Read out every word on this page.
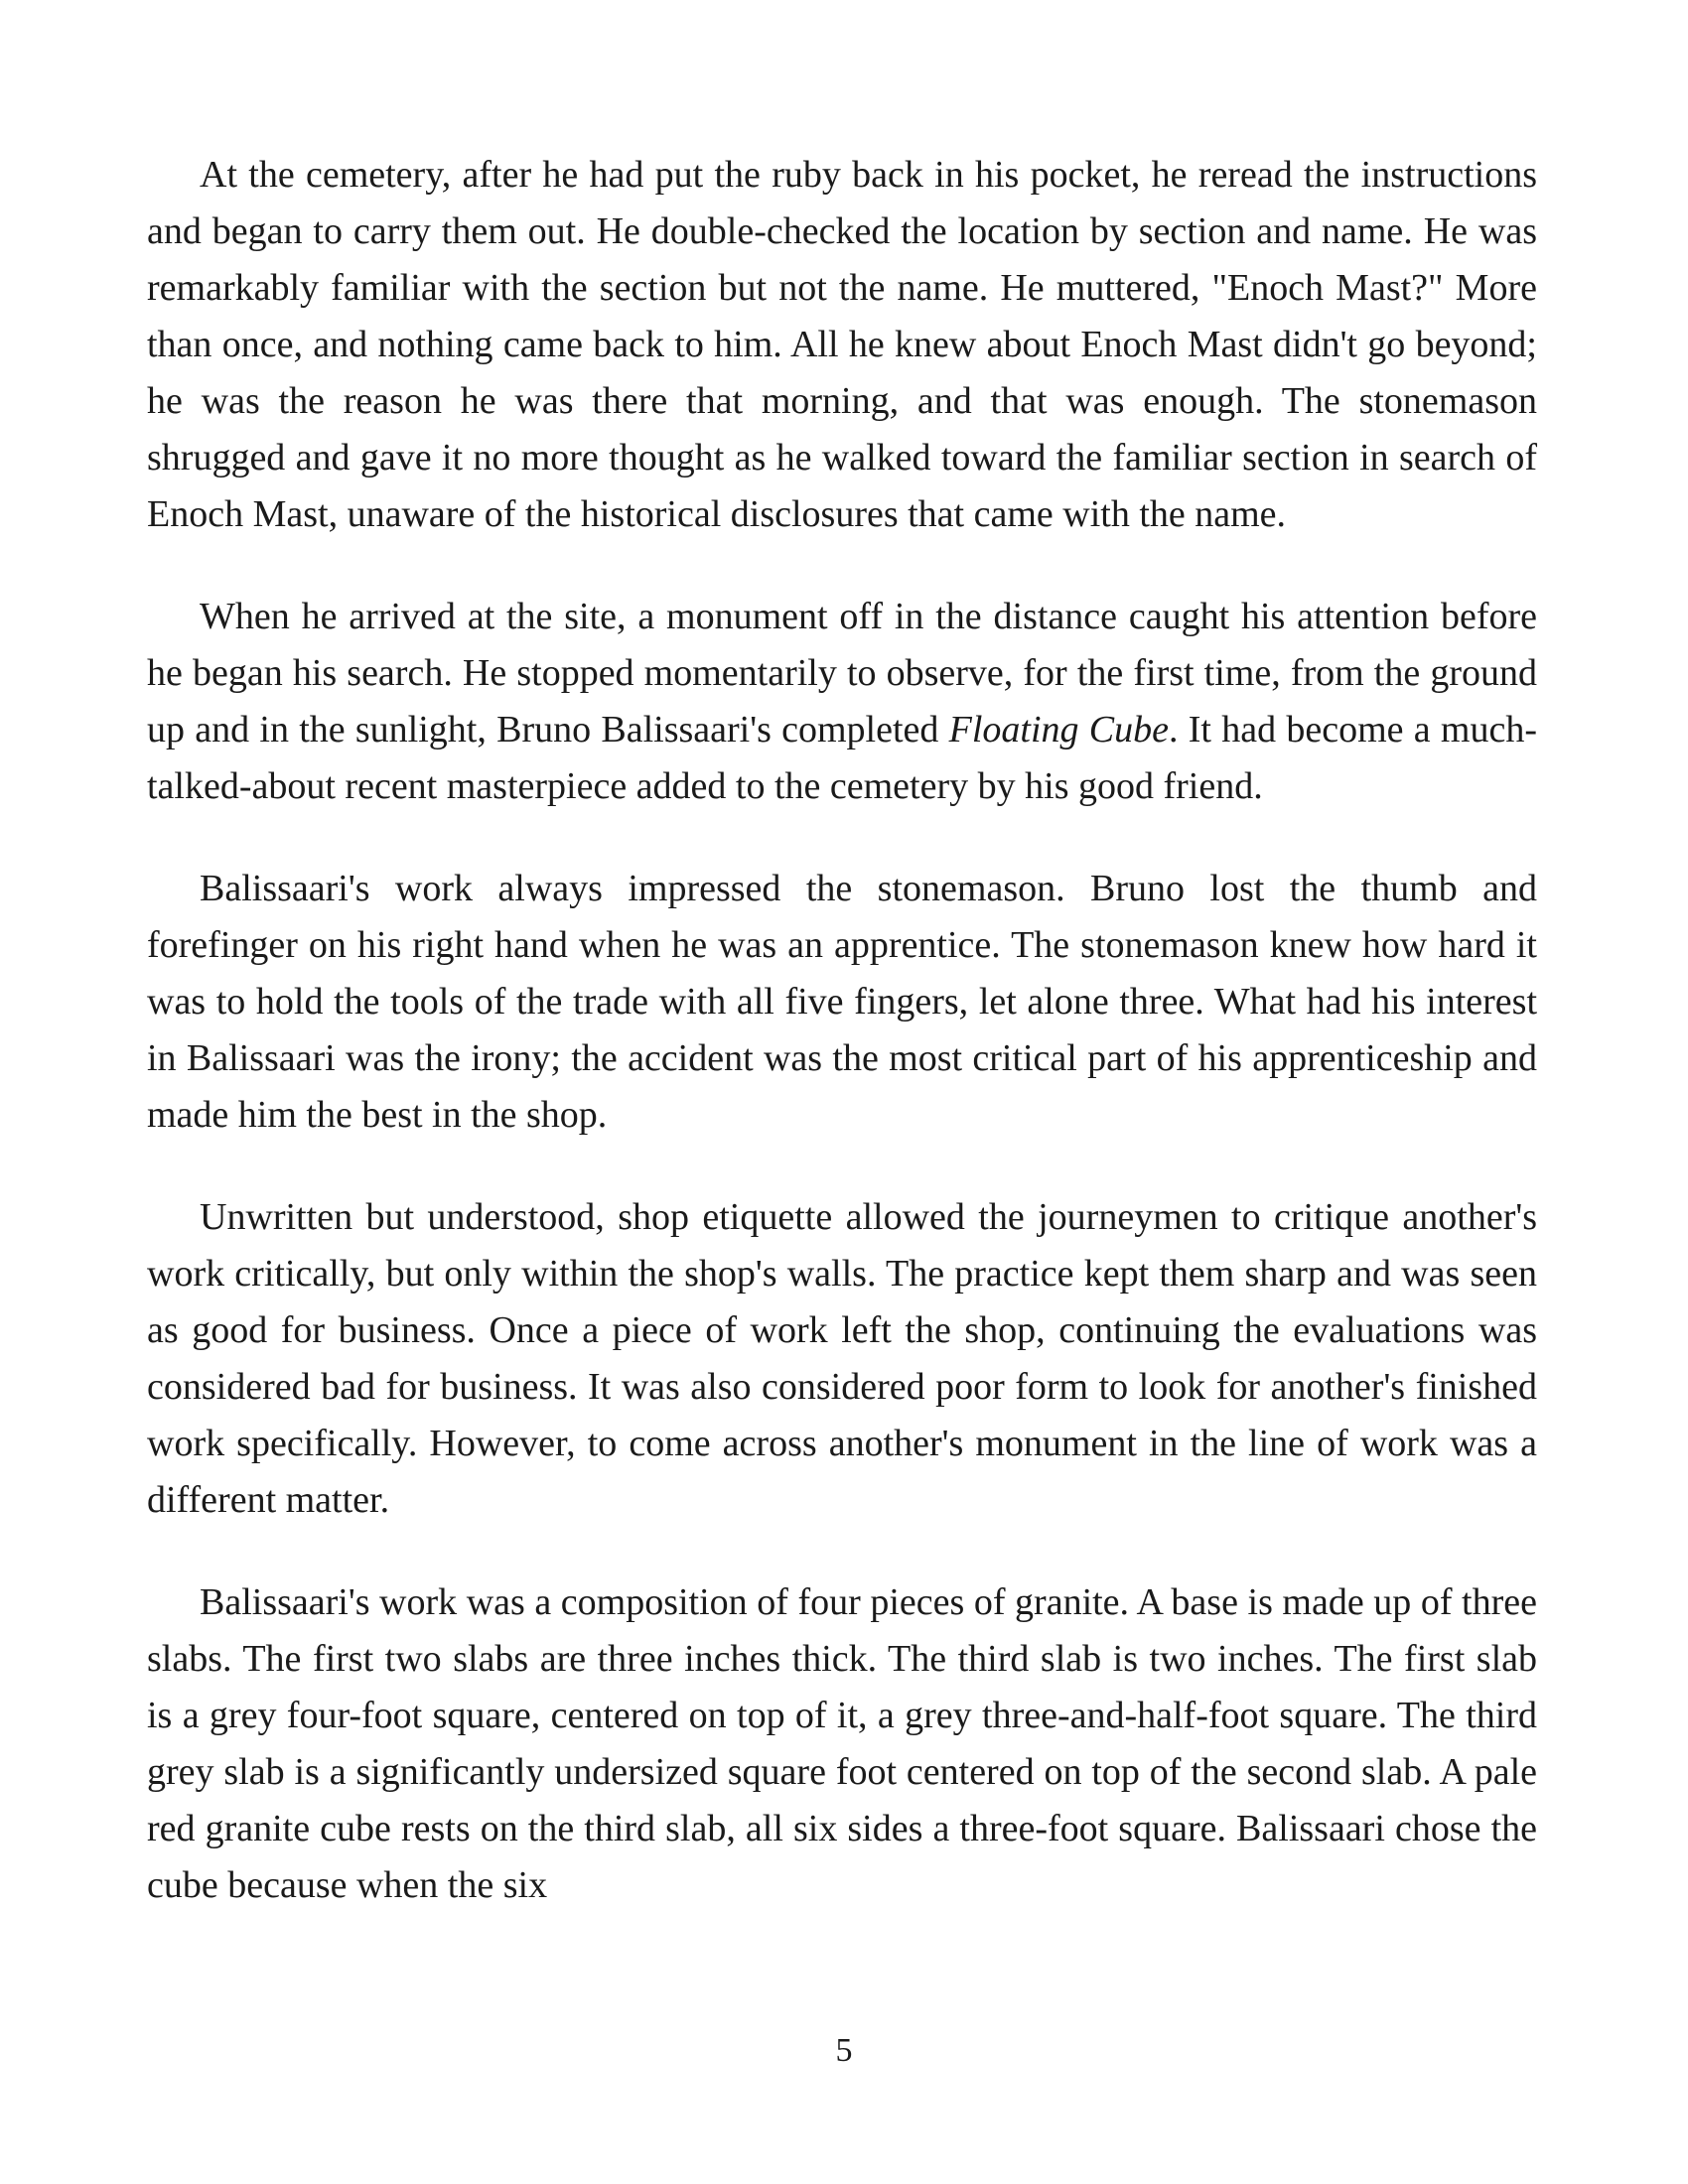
At the cemetery, after he had put the ruby back in his pocket, he reread the instructions and began to carry them out. He double-checked the location by section and name. He was remarkably familiar with the section but not the name. He muttered, "Enoch Mast?" More than once, and nothing came back to him. All he knew about Enoch Mast didn't go beyond; he was the reason he was there that morning, and that was enough. The stonemason shrugged and gave it no more thought as he walked toward the familiar section in search of Enoch Mast, unaware of the historical disclosures that came with the name.

When he arrived at the site, a monument off in the distance caught his attention before he began his search. He stopped momentarily to observe, for the first time, from the ground up and in the sunlight, Bruno Balissaari's completed Floating Cube. It had become a much-talked-about recent masterpiece added to the cemetery by his good friend.

Balissaari's work always impressed the stonemason. Bruno lost the thumb and forefinger on his right hand when he was an apprentice. The stonemason knew how hard it was to hold the tools of the trade with all five fingers, let alone three. What had his interest in Balissaari was the irony; the accident was the most critical part of his apprenticeship and made him the best in the shop.

Unwritten but understood, shop etiquette allowed the journeymen to critique another's work critically, but only within the shop's walls. The practice kept them sharp and was seen as good for business. Once a piece of work left the shop, continuing the evaluations was considered bad for business. It was also considered poor form to look for another's finished work specifically. However, to come across another's monument in the line of work was a different matter.

Balissaari's work was a composition of four pieces of granite. A base is made up of three slabs. The first two slabs are three inches thick. The third slab is two inches. The first slab is a grey four-foot square, centered on top of it, a grey three-and-half-foot square. The third grey slab is a significantly undersized square foot centered on top of the second slab. A pale red granite cube rests on the third slab, all six sides a three-foot square. Balissaari chose the cube because when the six

5
